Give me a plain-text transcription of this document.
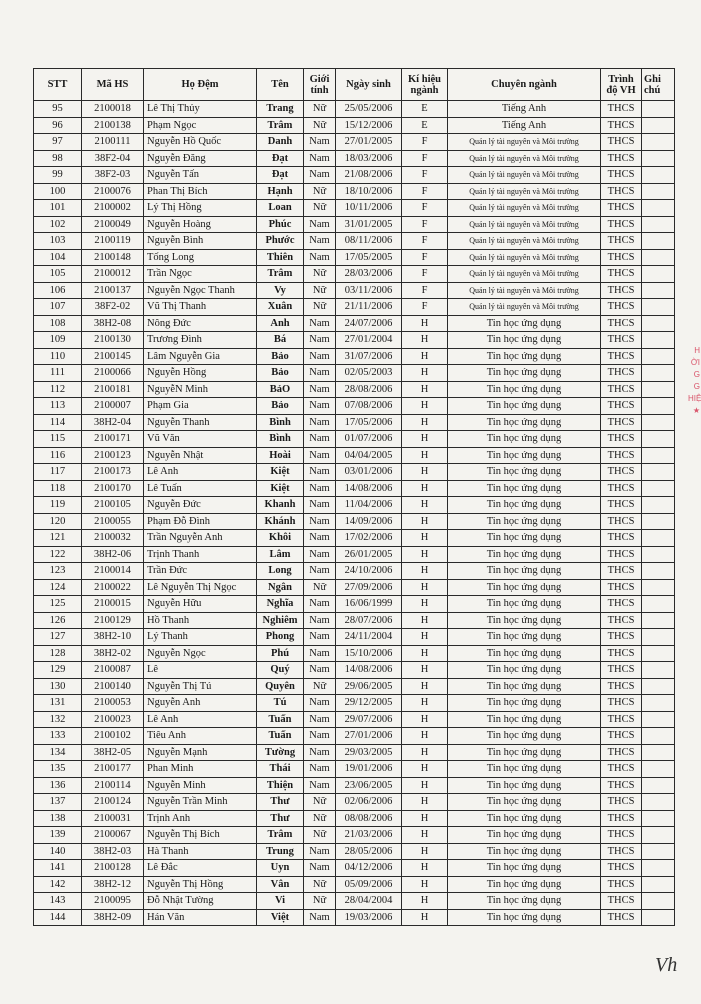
STT	Mã HS	Họ Đệm	Tên	Giới
tính	Ngày sinh	Kí hiệu
ngành	Chuyên ngành	Trình
độ VH	Ghi
chú
95	2100018	Lê Thị Thủy	Trang	Nữ	25/05/2006	E	Tiếng Anh	THCS	
96	2100138	Phạm Ngọc	Trâm	Nữ	15/12/2006	E	Tiếng Anh	THCS	
97	2100111	Nguyễn Hồ Quốc	Danh	Nam	27/01/2005	F	Quản lý tài nguyên và Môi trường	THCS	
98	38F2-04	Nguyễn Đăng	Đạt	Nam	18/03/2006	F	Quản lý tài nguyên và Môi trường	THCS	
99	38F2-03	Nguyễn Tấn	Đạt	Nam	21/08/2006	F	Quản lý tài nguyên và Môi trường	THCS	
100	2100076	Phan Thị Bích	Hạnh	Nữ	18/10/2006	F	Quản lý tài nguyên và Môi trường	THCS	
101	2100002	Lý Thị Hồng	Loan	Nữ	10/11/2006	F	Quản lý tài nguyên và Môi trường	THCS	
102	2100049	Nguyễn Hoàng	Phúc	Nam	31/01/2005	F	Quản lý tài nguyên và Môi trường	THCS	
103	2100119	Nguyễn Bình	Phước	Nam	08/11/2006	F	Quản lý tài nguyên và Môi trường	THCS	
104	2100148	Tống Long	Thiên	Nam	17/05/2005	F	Quản lý tài nguyên và Môi trường	THCS	
105	2100012	Trần Ngọc	Trâm	Nữ	28/03/2006	F	Quản lý tài nguyên và Môi trường	THCS	
106	2100137	Nguyễn Ngọc Thanh	Vy	Nữ	03/11/2006	F	Quản lý tài nguyên và Môi trường	THCS	
107	38F2-02	Vũ Thị Thanh	Xuân	Nữ	21/11/2006	F	Quản lý tài nguyên và Môi trường	THCS	
108	38H2-08	Nông Đức	Anh	Nam	24/07/2006	H	Tin học ứng dụng	THCS	
109	2100130	Trương Đình	Bá	Nam	27/01/2004	H	Tin học ứng dụng	THCS	
110	2100145	Lâm Nguyễn Gia	Bảo	Nam	31/07/2006	H	Tin học ứng dụng	THCS	
111	2100066	Nguyễn Hồng	Bảo	Nam	02/05/2003	H	Tin học ứng dụng	THCS	
112	2100181	NguyễN Minh	BảO	Nam	28/08/2006	H	Tin học ứng dụng	THCS	
113	2100007	Phạm Gia	Bảo	Nam	07/08/2006	H	Tin học ứng dụng	THCS	
114	38H2-04	Nguyễn Thanh	Bình	Nam	17/05/2006	H	Tin học ứng dụng	THCS	
115	2100171	Vũ Văn	Bình	Nam	01/07/2006	H	Tin học ứng dụng	THCS	
116	2100123	Nguyễn Nhật	Hoài	Nam	04/04/2005	H	Tin học ứng dụng	THCS	
117	2100173	Lê Anh	Kiệt	Nam	03/01/2006	H	Tin học ứng dụng	THCS	
118	2100170	Lê Tuấn	Kiệt	Nam	14/08/2006	H	Tin học ứng dụng	THCS	
119	2100105	Nguyễn Đức	Khanh	Nam	11/04/2006	H	Tin học ứng dụng	THCS	
120	2100055	Phạm Đỗ Đình	Khánh	Nam	14/09/2006	H	Tin học ứng dụng	THCS	
121	2100032	Trần Nguyễn Anh	Khôi	Nam	17/02/2006	H	Tin học ứng dụng	THCS	
122	38H2-06	Trịnh Thanh	Lâm	Nam	26/01/2005	H	Tin học ứng dụng	THCS	
123	2100014	Trần Đức	Long	Nam	24/10/2006	H	Tin học ứng dụng	THCS	
124	2100022	Lê Nguyễn Thị Ngọc	Ngân	Nữ	27/09/2006	H	Tin học ứng dụng	THCS	
125	2100015	Nguyễn Hữu	Nghĩa	Nam	16/06/1999	H	Tin học ứng dụng	THCS	
126	2100129	Hồ Thanh	Nghiêm	Nam	28/07/2006	H	Tin học ứng dụng	THCS	
127	38H2-10	Lý Thanh	Phong	Nam	24/11/2004	H	Tin học ứng dụng	THCS	
128	38H2-02	Nguyễn Ngọc	Phú	Nam	15/10/2006	H	Tin học ứng dụng	THCS	
129	2100087	Lê	Quý	Nam	14/08/2006	H	Tin học ứng dụng	THCS	
130	2100140	Nguyễn Thị Tú	Quyên	Nữ	29/06/2005	H	Tin học ứng dụng	THCS	
131	2100053	Nguyễn Anh	Tú	Nam	29/12/2005	H	Tin học ứng dụng	THCS	
132	2100023	Lê Anh	Tuấn	Nam	29/07/2006	H	Tin học ứng dụng	THCS	
133	2100102	Tiêu Anh	Tuấn	Nam	27/01/2006	H	Tin học ứng dụng	THCS	
134	38H2-05	Nguyễn Mạnh	Tường	Nam	29/03/2005	H	Tin học ứng dụng	THCS	
135	2100177	Phan Minh	Thái	Nam	19/01/2006	H	Tin học ứng dụng	THCS	
136	2100114	Nguyễn Minh	Thiện	Nam	23/06/2005	H	Tin học ứng dụng	THCS	
137	2100124	Nguyễn Trần Minh	Thư	Nữ	02/06/2006	H	Tin học ứng dụng	THCS	
138	2100031	Trịnh Anh	Thư	Nữ	08/08/2006	H	Tin học ứng dụng	THCS	
139	2100067	Nguyễn Thị Bích	Trâm	Nữ	21/03/2006	H	Tin học ứng dụng	THCS	
140	38H2-03	Hà Thanh	Trung	Nam	28/05/2006	H	Tin học ứng dụng	THCS	
141	2100128	Lê Đắc	Uyn	Nam	04/12/2006	H	Tin học ứng dụng	THCS	
142	38H2-12	Nguyễn Thị Hồng	Vân	Nữ	05/09/2006	H	Tin học ứng dụng	THCS	
143	2100095	Đỗ Nhật Tường	Vi	Nữ	28/04/2004	H	Tin học ứng dụng	THCS	
144	38H2-09	Hán Văn	Việt	Nam	19/03/2006	H	Tin học ứng dụng	THCS	
H ỜI G G HIỆ ★
Vh
